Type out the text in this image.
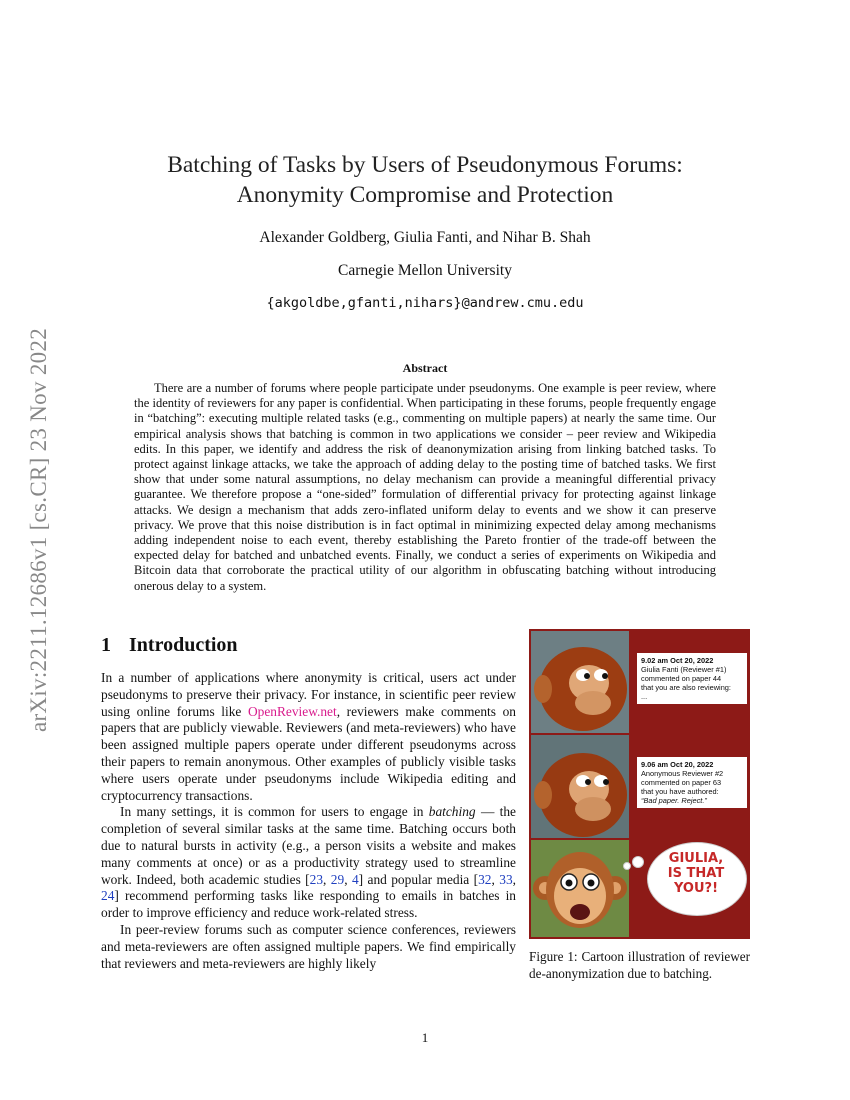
arXiv:2211.12686v1 [cs.CR] 23 Nov 2022
Batching of Tasks by Users of Pseudonymous Forums:
Anonymity Compromise and Protection
Alexander Goldberg, Giulia Fanti, and Nihar B. Shah
Carnegie Mellon University
{akgoldbe,gfanti,nihars}@andrew.cmu.edu
Abstract

There are a number of forums where people participate under pseudonyms. One example is peer review, where the identity of reviewers for any paper is confidential. When participating in these forums, people frequently engage in “batching”: executing multiple related tasks (e.g., commenting on multiple papers) at nearly the same time. Our empirical analysis shows that batching is common in two applications we consider – peer review and Wikipedia edits. In this paper, we identify and address the risk of deanonymization arising from linking batched tasks. To protect against linkage attacks, we take the approach of adding delay to the posting time of batched tasks. We first show that under some natural assumptions, no delay mechanism can provide a meaningful differential privacy guarantee. We therefore propose a “one-sided” formulation of differential privacy for protecting against linkage attacks. We design a mechanism that adds zero-inflated uniform delay to events and we show it can preserve privacy. We prove that this noise distribution is in fact optimal in minimizing expected delay among mechanisms adding independent noise to each event, thereby establishing the Pareto frontier of the trade-off between the expected delay for batched and unbatched events. Finally, we conduct a series of experiments on Wikipedia and Bitcoin data that corroborate the practical utility of our algorithm in obfuscating batching without introducing onerous delay to a system.

1 Introduction

In a number of applications where anonymity is critical, users act under pseudonyms to preserve their privacy. For instance, in scientific peer review using online forums like OpenReview.net, reviewers make comments on papers that are publicly viewable. Reviewers (and meta-reviewers) who have been assigned multiple papers operate under different pseudonyms across their papers to remain anonymous. Other examples of publicly visible tasks where users operate under pseudonyms include Wikipedia editing and cryptocurrency transactions.

In many settings, it is common for users to engage in batching — the completion of several similar tasks at the same time. Batching occurs both due to natural bursts in activity (e.g., a person visits a website and makes many comments at once) or as a productivity strategy used to streamline work. Indeed, both academic studies [23, 29, 4] and popular media [32, 33, 24] recommend performing tasks like responding to emails in batches in order to improve efficiency and reduce work-related stress.

In peer-review forums such as computer science conferences, reviewers and meta-reviewers are often assigned multiple papers. We find empirically that reviewers and meta-reviewers are highly likely

9.02 am Oct 20, 2022
Giulia Fanti (Reviewer #1)
commented on paper 44
that you are also reviewing:
...
9.06 am Oct 20, 2022
Anonymous Reviewer #2
commented on paper 63
that you have authored:
“Bad paper. Reject.”
GIULIA,
IS THAT
YOU?!
Figure 1: Cartoon illustration of reviewer de-anonymization due to batching.
1
